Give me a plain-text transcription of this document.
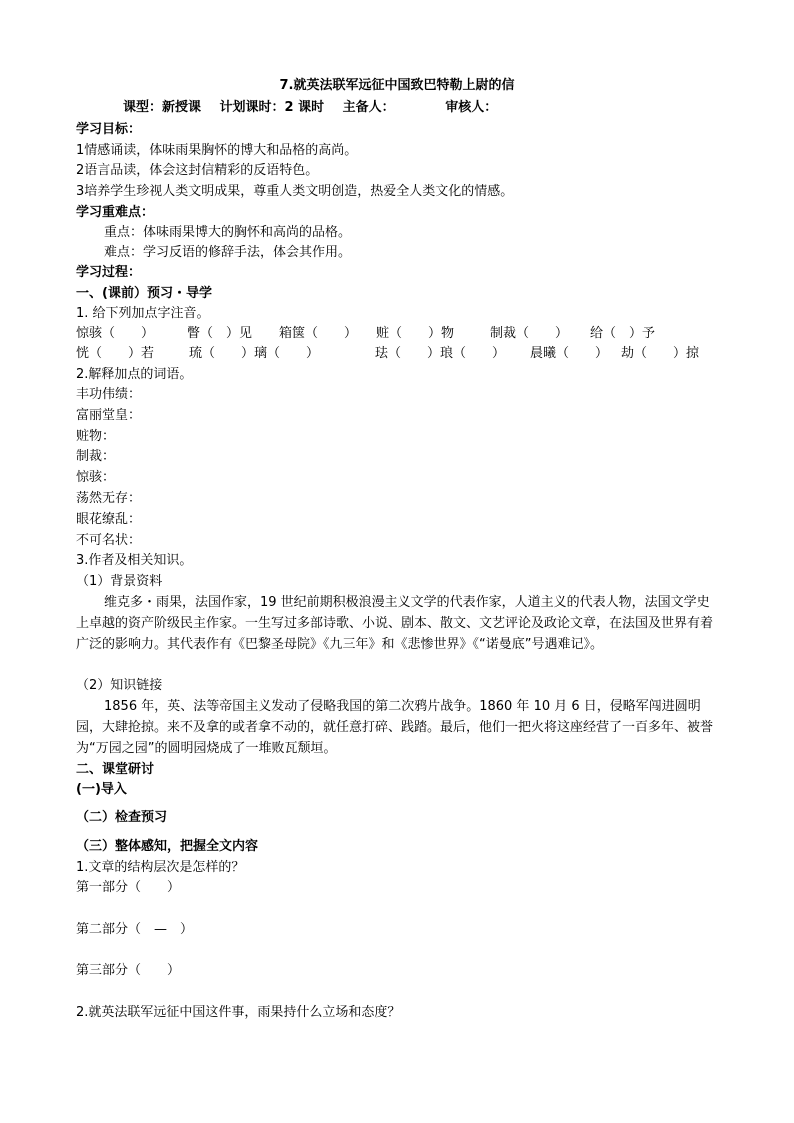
7.就英法联军远征中国致巴特勒上尉的信
课型：新授课 计划课时：2 课时 主备人：	审核人：
学习目标：
1情感诵读，体味雨果胸怀的博大和品格的高尚。
2语言品读，体会这封信精彩的反语特色。
3培养学生珍视人类文明成果，尊重人类文明创造，热爱全人类文化的情感。
学习重难点：
重点：体味雨果博大的胸怀和高尚的品格。
难点：学习反语的修辞手法，体会其作用。
学习过程：
一、(课前）预习・导学
1. 给下列加点字注音。
惊骇（　　）	瞥（　）见 箱箧（　　） 赃（　　）物	制裁（　　） 给（　）予
恍（　　）若	琉（　　）璃（　　）	珐（　　）琅（　　） 晨曦（　　） 劫（　　）掠
2.解释加点的词语。
丰功伟绩：
富丽堂皇：
赃物：
制裁：
惊骇：
荡然无存：
眼花缭乱：
不可名状：
3.作者及相关知识。
（1）背景资料
维克多・雨果，法国作家，19 世纪前期积极浪漫主义文学的代表作家，人道主义的代表人物，法国文学史上卓越的资产阶级民主作家。一生写过多部诗歌、小说、剧本、散文、文艺评论及政论文章，在法国及世界有着广泛的影响力。其代表作有《巴黎圣母院》《九三年》和《悲惨世界》《“诺曼底”号遇难记》。
（2）知识链接
1856 年，英、法等帝国主义发动了侵略我国的第二次鸦片战争。1860 年 10 月 6 日，侵略军闯进圆明园，大肆抢掠。来不及拿的或者拿不动的，就任意打碎、践踏。最后，他们一把火将这座经营了一百多年、被誉为“万园之园”的圆明园烧成了一堆败瓦颓垣。
二、课堂研讨
(一)导入
（二）检查预习
（三）整体感知，把握全文内容
1.文章的结构层次是怎样的？
第一部分（　　）
第二部分（　—　）
第三部分（　　）
2.就英法联军远征中国这件事，雨果持什么立场和态度？
